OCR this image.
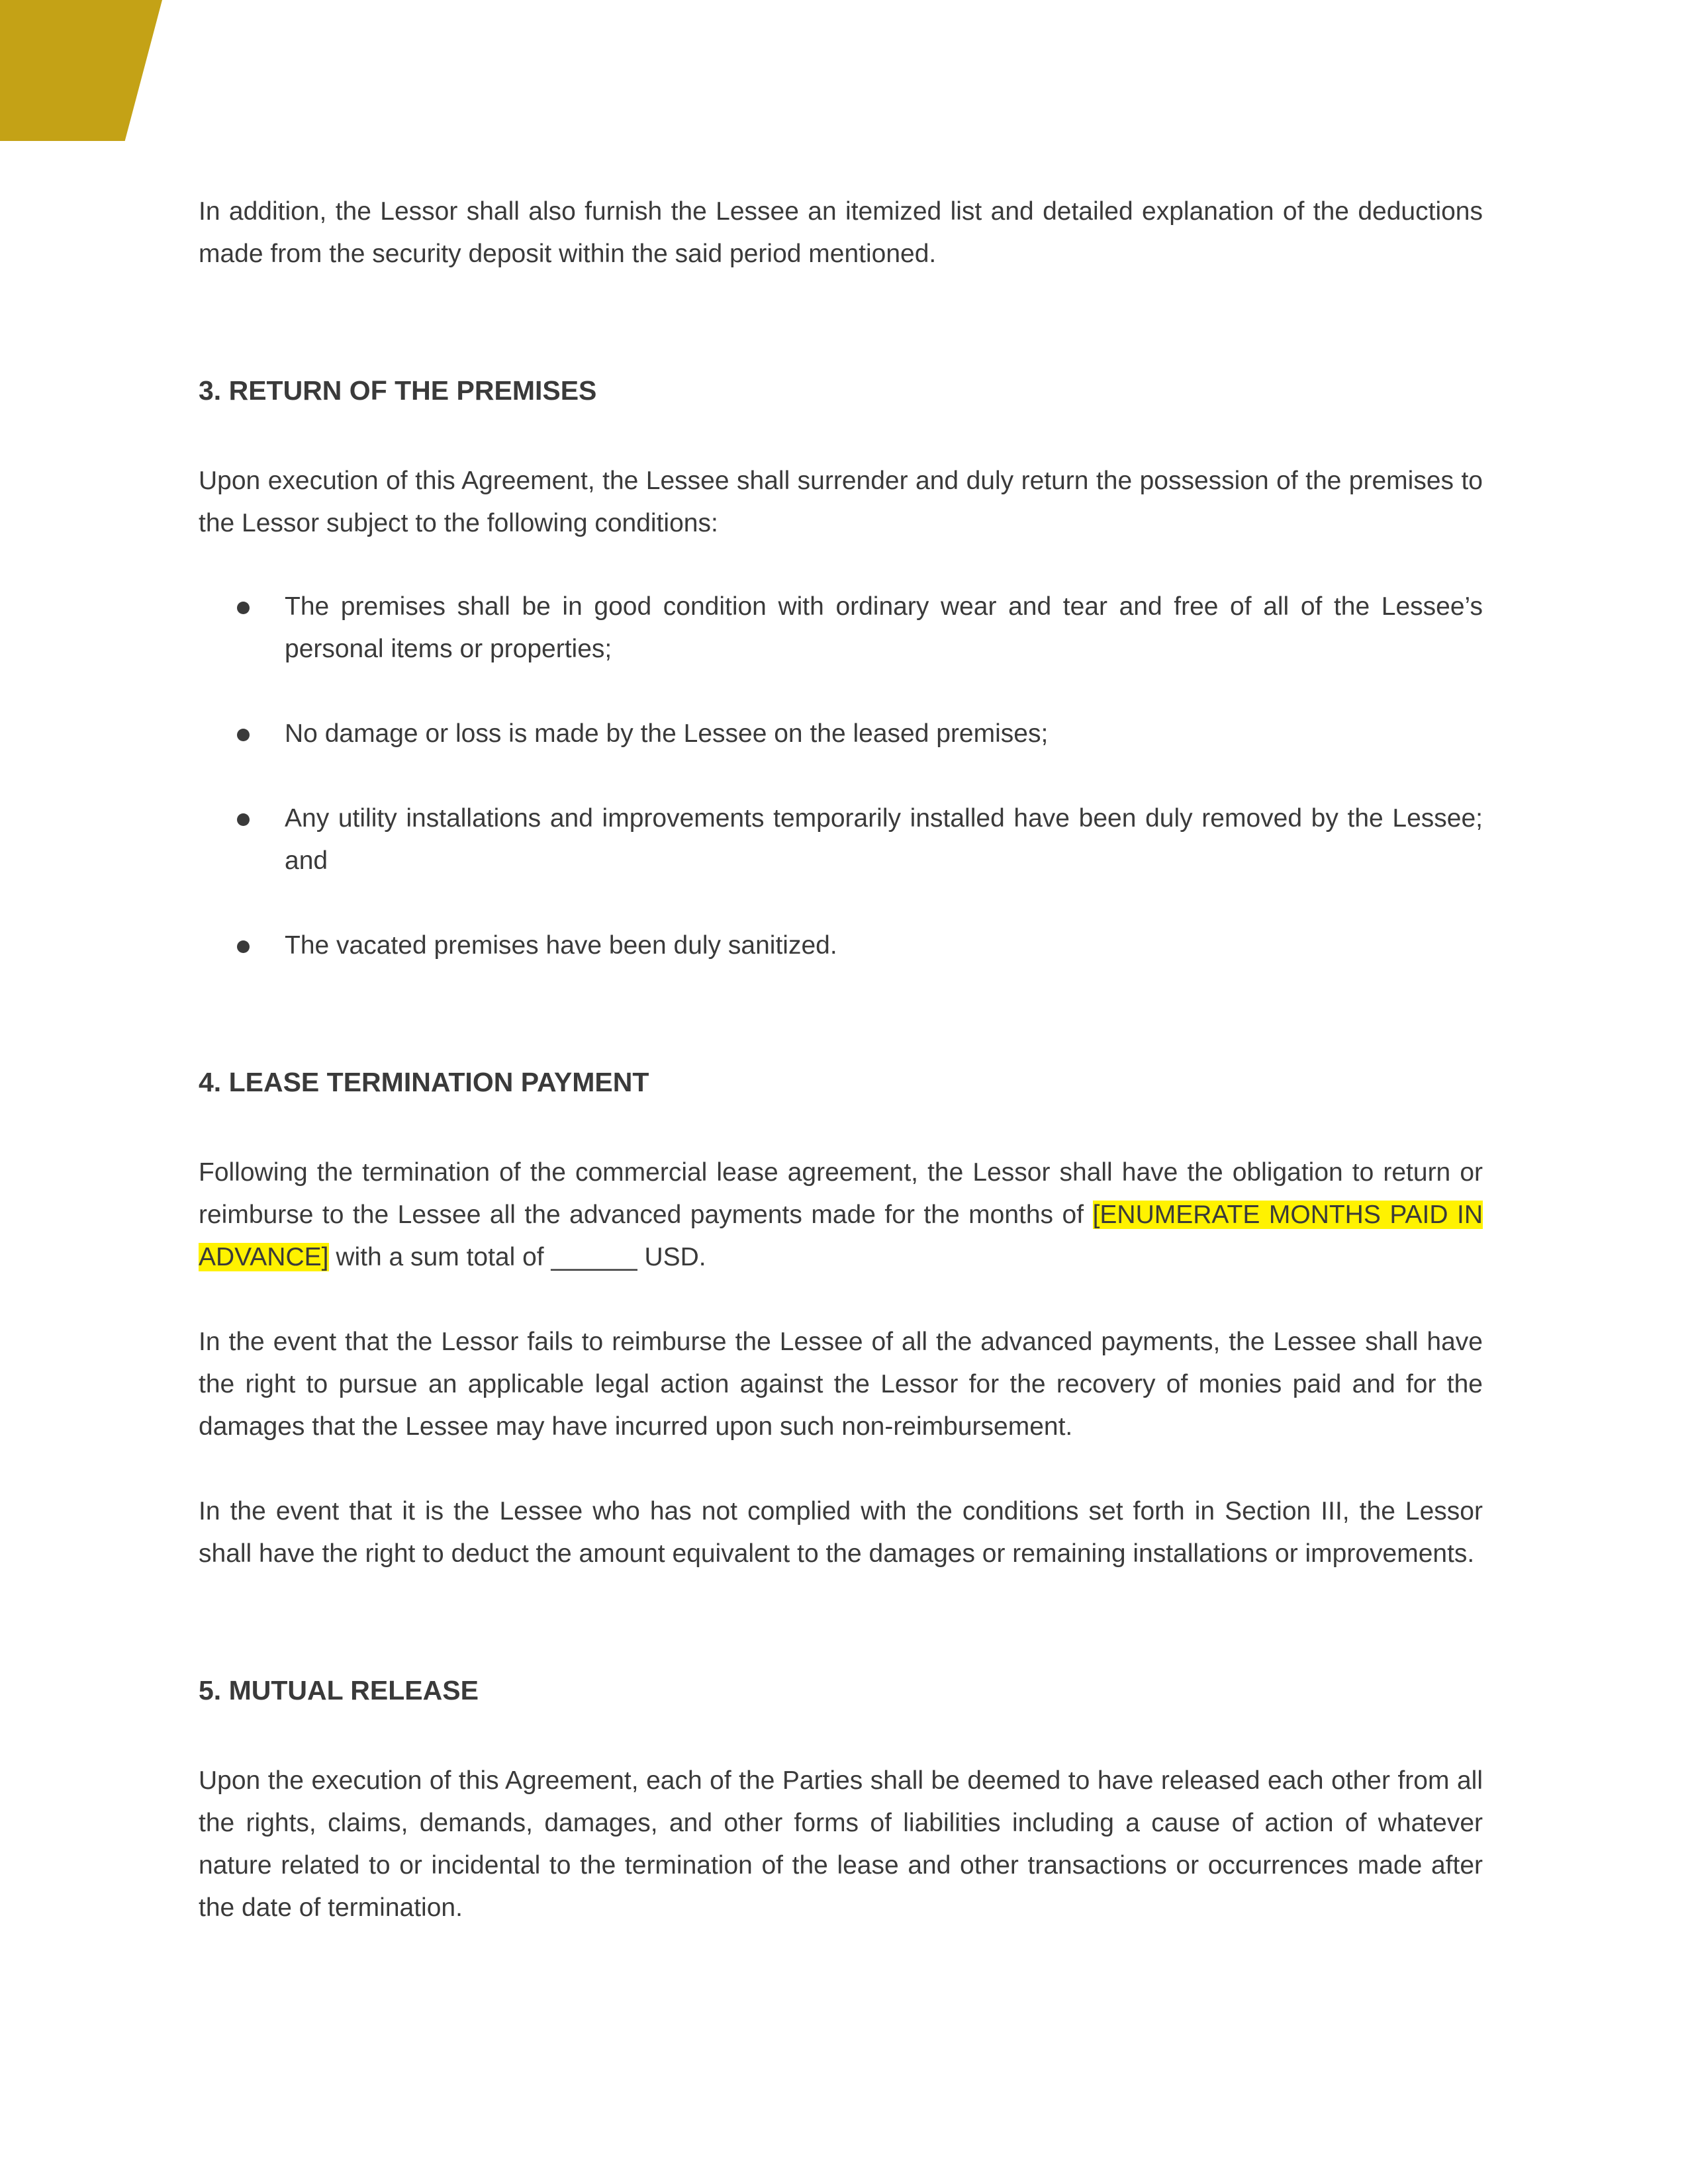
In addition, the Lessor shall also furnish the Lessee an itemized list and detailed explanation of the deductions made from the security deposit within the said period mentioned.

3. RETURN OF THE PREMISES

Upon execution of this Agreement, the Lessee shall surrender and duly return the possession of the premises to the Lessor subject to the following conditions:

The premises shall be in good condition with ordinary wear and tear and free of all of the Lessee’s personal items or properties;
No damage or loss is made by the Lessee on the leased premises;
Any utility installations and improvements temporarily installed have been duly removed by the Lessee; and
The vacated premises have been duly sanitized.
4. LEASE TERMINATION PAYMENT

Following the termination of the commercial lease agreement, the Lessor shall have the obligation to return or reimburse to the Lessee all the advanced payments made for the months of [ENUMERATE MONTHS PAID IN ADVANCE] with a sum total of ______ USD.

In the event that the Lessor fails to reimburse the Lessee of all the advanced payments, the Lessee shall have the right to pursue an applicable legal action against the Lessor for the recovery of monies paid and for the damages that the Lessee may have incurred upon such non-reimbursement.

In the event that it is the Lessee who has not complied with the conditions set forth in Section III, the Lessor shall have the right to deduct the amount equivalent to the damages or remaining installations or improvements.

5. MUTUAL RELEASE

Upon the execution of this Agreement, each of the Parties shall be deemed to have released each other from all the rights, claims, demands, damages, and other forms of liabilities including a cause of action of whatever nature related to or incidental to the termination of the lease and other transactions or occurrences made after the date of termination.
